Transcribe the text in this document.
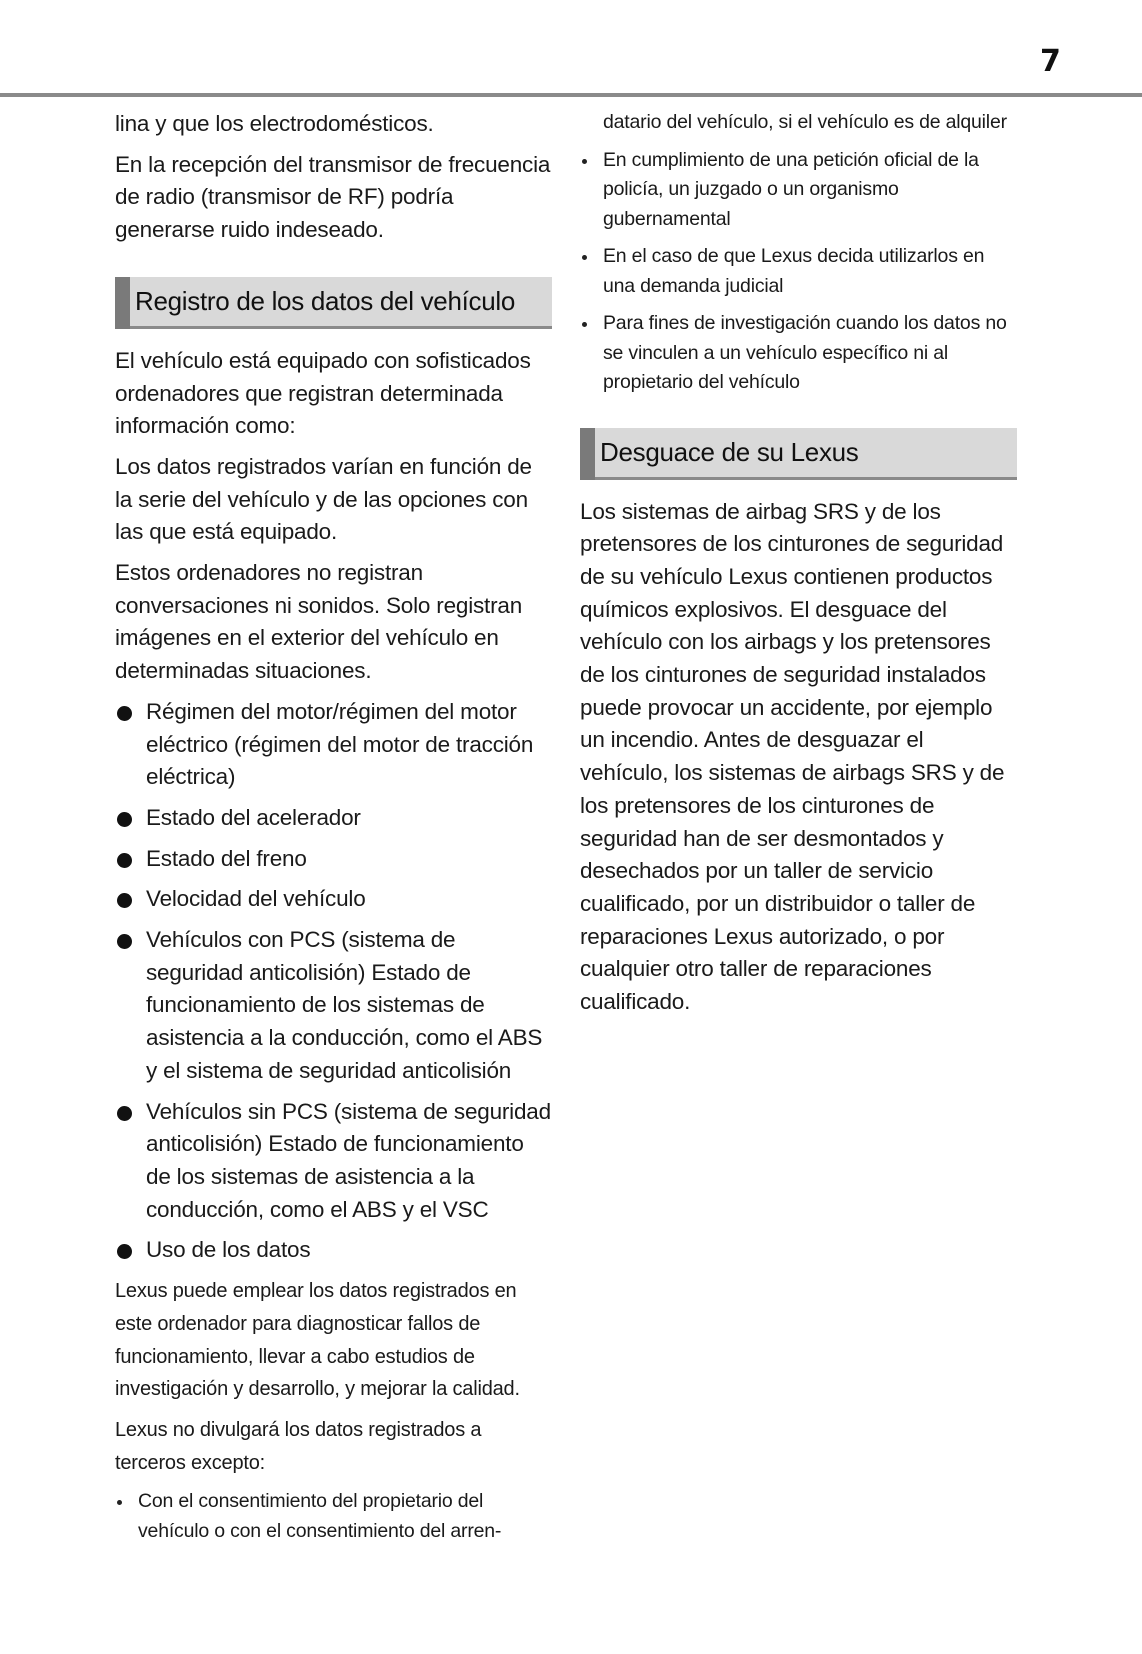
7

lina y que los electrodomésticos.

En la recepción del transmisor de frecuencia de radio (transmisor de RF) podría generarse ruido indeseado.

Registro de los datos del vehículo

El vehículo está equipado con sofisticados ordenadores que registran determinada información como:

Los datos registrados varían en función de la serie del vehículo y de las opciones con las que está equipado.

Estos ordenadores no registran conversaciones ni sonidos. Solo registran imágenes en el exterior del vehículo en determinadas situaciones.

Régimen del motor/régimen del motor eléctrico (régimen del motor de tracción eléctrica)
Estado del acelerador
Estado del freno
Velocidad del vehículo
Vehículos con PCS (sistema de seguridad anticolisión) Estado de funcionamiento de los sistemas de asistencia a la conducción, como el ABS y el sistema de seguridad anticolisión
Vehículos sin PCS (sistema de seguridad anticolisión) Estado de funcionamiento de los sistemas de asistencia a la conducción, como el ABS y el VSC
Uso de los datos

Lexus puede emplear los datos registrados en este ordenador para diagnosticar fallos de funcionamiento, llevar a cabo estudios de investigación y desarrollo, y mejorar la calidad.

Lexus no divulgará los datos registrados a terceros excepto:

Con el consentimiento del propietario del vehículo o con el consentimiento del arren-

datario del vehículo, si el vehículo es de alquiler

En cumplimiento de una petición oficial de la policía, un juzgado o un organismo gubernamental
En el caso de que Lexus decida utilizarlos en una demanda judicial
Para fines de investigación cuando los datos no se vinculen a un vehículo específico ni al propietario del vehículo
Desguace de su Lexus

Los sistemas de airbag SRS y de los pretensores de los cinturones de seguridad de su vehículo Lexus contienen productos químicos explosivos. El desguace del vehículo con los airbags y los pretensores de los cinturones de seguridad instalados puede provocar un accidente, por ejemplo un incendio. Antes de desguazar el vehículo, los sistemas de airbags SRS y de los pretensores de los cinturones de seguridad han de ser desmontados y desechados por un taller de servicio cualificado, por un distribuidor o taller de reparaciones Lexus autorizado, o por cualquier otro taller de reparaciones cualificado.
